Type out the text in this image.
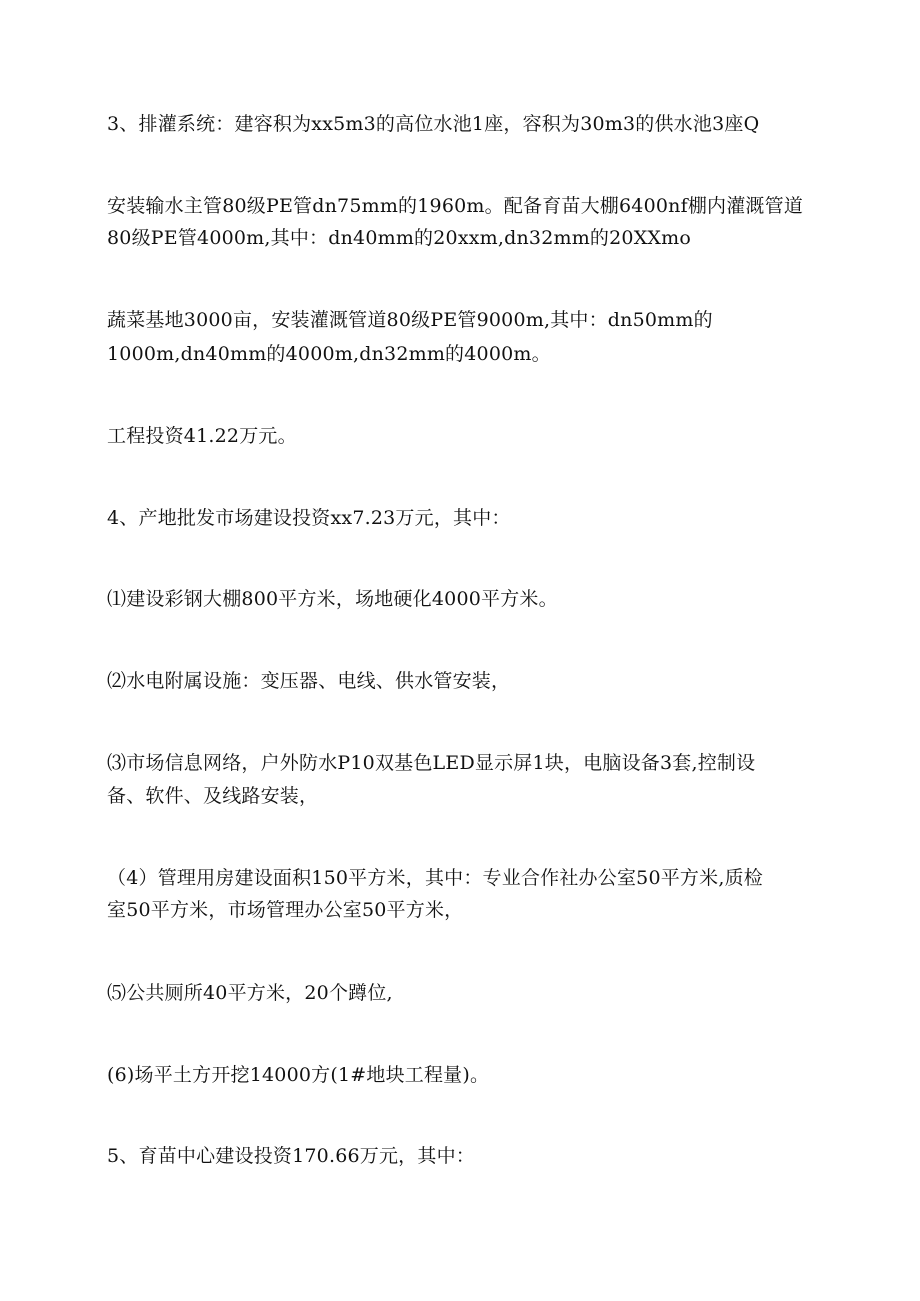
3、排灌系统：建容积为xx5m3的高位水池1座，容积为30m3的供水池3座Q
安装输水主管80级PE管dn75mm的1960m。配备育苗大棚6400nf棚内灌溉管道
80级PE管4000m,其中：dn40mm的20xxm,dn32mm的20XXmo
蔬菜基地3000亩，安装灌溉管道80级PE管9000m,其中：dn50mm的
1000m,dn40mm的4000m,dn32mm的4000m。
工程投资41.22万元。
4、产地批发市场建设投资xx7.23万元，其中：
⑴建设彩钢大棚800平方米，场地硬化4000平方米。
⑵水电附属设施：变压器、电线、供水管安装，
⑶市场信息网络，户外防水P10双基色LED显示屏1块，电脑设备3套,控制设
备、软件、及线路安装，
（4）管理用房建设面积150平方米，其中：专业合作社办公室50平方米,质检
室50平方米，市场管理办公室50平方米，
⑸公共厕所40平方米，20个蹲位,
(6)场平土方开挖14000方(1#地块工程量)。
5、育苗中心建设投资170.66万元，其中：
